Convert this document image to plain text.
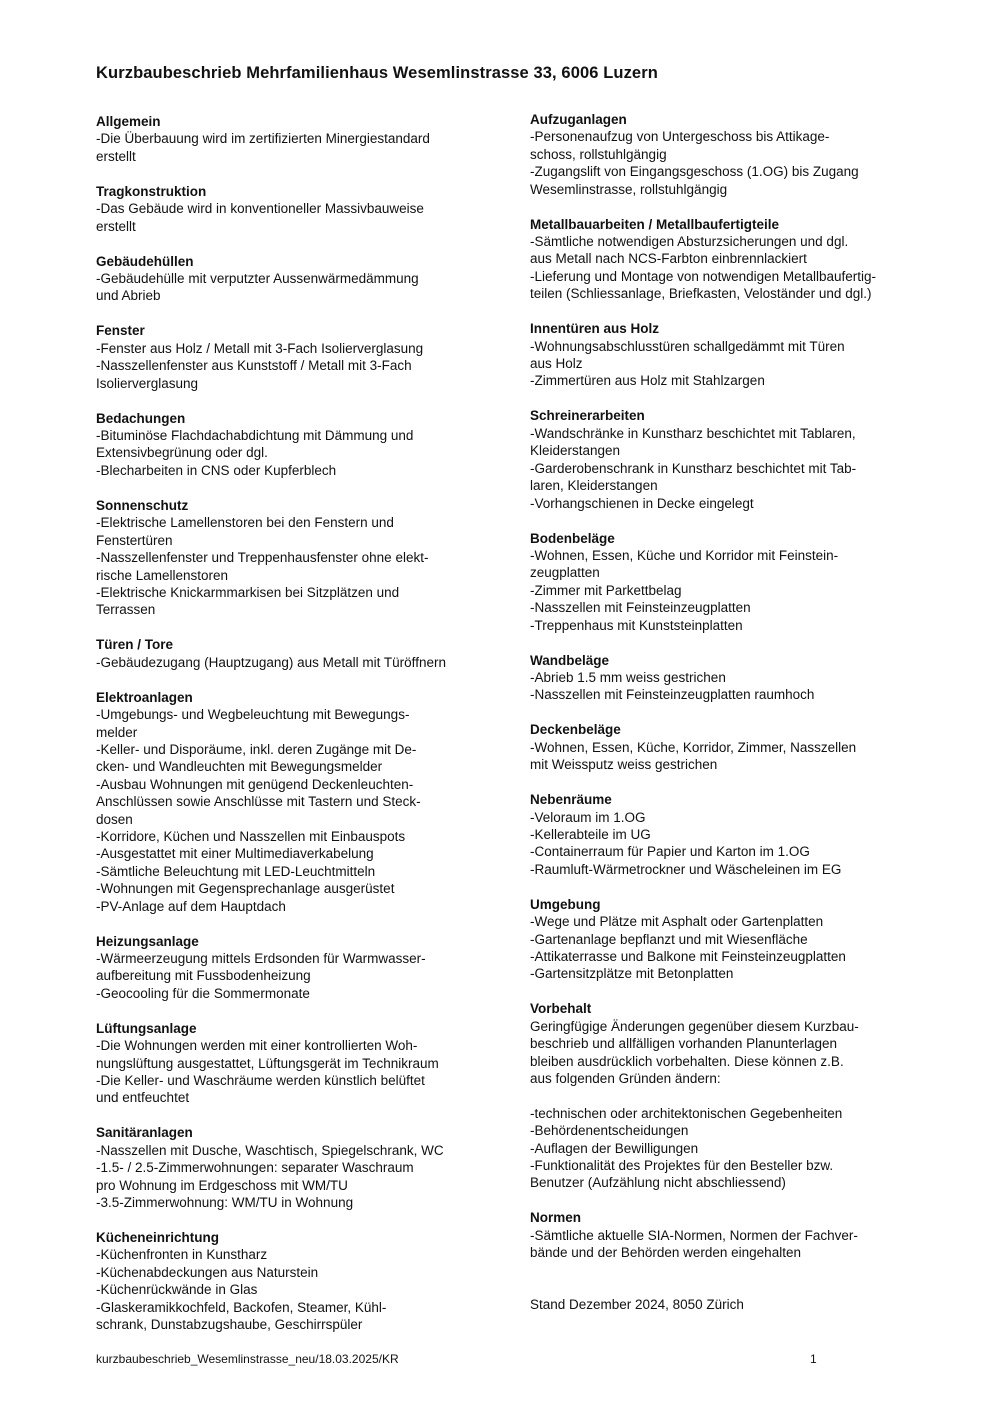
Kurzbaubeschrieb Mehrfamilienhaus Wesemlinstrasse 33, 6006 Luzern
Allgemein
-Die Überbauung wird im zertifizierten Minergiestandard
erstellt
Tragkonstruktion
-Das Gebäude wird in konventioneller Massivbauweise
erstellt
Gebäudehüllen
-Gebäudehülle mit verputzter Aussenwärmedämmung
und Abrieb
Fenster
-Fenster aus Holz / Metall mit 3-Fach Isolierverglasung
-Nasszellenfenster aus Kunststoff / Metall mit 3-Fach
Isolierverglasung
Bedachungen
-Bituminöse Flachdachabdichtung mit Dämmung und
Extensivbegrünung oder dgl.
-Blecharbeiten in CNS oder Kupferblech
Sonnenschutz
-Elektrische Lamellenstoren bei den Fenstern und
Fenstertüren
-Nasszellenfenster und Treppenhausfenster ohne elekt-
rische Lamellenstoren
-Elektrische Knickarmmarkisen bei Sitzplätzen und
Terrassen
Türen / Tore
-Gebäudezugang (Hauptzugang) aus Metall mit Türöffnern
Elektroanlagen
-Umgebungs- und Wegbeleuchtung mit Bewegungs-
melder
-Keller- und Disporäume, inkl. deren Zugänge mit De-
cken- und Wandleuchten mit Bewegungsmelder
-Ausbau Wohnungen mit genügend Deckenleuchten-
Anschlüssen sowie Anschlüsse mit Tastern und Steck-
dosen
-Korridore, Küchen und Nasszellen mit Einbauspots
-Ausgestattet mit einer Multimediaverkabelung
-Sämtliche Beleuchtung mit LED-Leuchtmitteln
-Wohnungen mit Gegensprechanlage ausgerüstet
-PV-Anlage auf dem Hauptdach
Heizungsanlage
-Wärmeerzeugung mittels Erdsonden für Warmwasser-
aufbereitung mit Fussbodenheizung
-Geocooling für die Sommermonate
Lüftungsanlage
-Die Wohnungen werden mit einer kontrollierten Woh-
nungslüftung ausgestattet, Lüftungsgerät im Technikraum
-Die Keller- und Waschräume werden künstlich belüftet
und entfeuchtet
Sanitäranlagen
-Nasszellen mit Dusche, Waschtisch, Spiegelschrank, WC
-1.5- / 2.5-Zimmerwohnungen: separater Waschraum
pro Wohnung im Erdgeschoss mit WM/TU
-3.5-Zimmerwohnung: WM/TU in Wohnung
Kücheneinrichtung
-Küchenfronten in Kunstharz
-Küchenabdeckungen aus Naturstein
-Küchenrückwände in Glas
-Glaskeramikkochfeld, Backofen, Steamer, Kühl-
schrank, Dunstabzugshaube, Geschirrspüler
Aufzuganlagen
-Personenaufzug von Untergeschoss bis Attikage-
schoss, rollstuhlgängig
-Zugangslift von Eingangsgeschoss (1.OG) bis Zugang
Wesemlinstrasse, rollstuhlgängig
Metallbauarbeiten / Metallbaufertigteile
-Sämtliche notwendigen Absturzsicherungen und dgl.
aus Metall nach NCS-Farbton einbrennlackiert
-Lieferung und Montage von notwendigen Metallbaufertig-
teilen (Schliessanlage, Briefkasten, Veloständer und dgl.)
Innentüren aus Holz
-Wohnungsabschlusstüren schallgedämmt mit Türen
aus Holz
-Zimmertüren aus Holz mit Stahlzargen
Schreinerarbeiten
-Wandschränke in Kunstharz beschichtet mit Tablaren,
Kleiderstangen
-Garderobenschrank in Kunstharz beschichtet mit Tab-
laren, Kleiderstangen
-Vorhangschienen in Decke eingelegt
Bodenbeläge
-Wohnen, Essen, Küche und Korridor mit Feinstein-
zeugplatten
-Zimmer mit Parkettbelag
-Nasszellen mit Feinsteinzeugplatten
-Treppenhaus mit Kunststeinplatten
Wandbeläge
-Abrieb 1.5 mm weiss gestrichen
-Nasszellen mit Feinsteinzeugplatten raumhoch
Deckenbeläge
-Wohnen, Essen, Küche, Korridor, Zimmer, Nasszellen
mit Weissputz weiss gestrichen
Nebenräume
-Veloraum im 1.OG
-Kellerabteile im UG
-Containerraum für Papier und Karton im 1.OG
-Raumluft-Wärmetrockner und Wäscheleinen im EG
Umgebung
-Wege und Plätze mit Asphalt oder Gartenplatten
-Gartenanlage bepflanzt und mit Wiesenfläche
-Attikaterrasse und Balkone mit Feinsteinzeugplatten
-Gartensitzplätze mit Betonplatten
Vorbehalt
Geringfügige Änderungen gegenüber diesem Kurzbau-
beschrieb und allfälligen vorhanden Planunterlagen
bleiben ausdrücklich vorbehalten. Diese können z.B.
aus folgenden Gründen ändern:
-technischen oder architektonischen Gegebenheiten
-Behördenentscheidungen
-Auflagen der Bewilligungen
-Funktionalität des Projektes für den Besteller bzw.
Benutzer (Aufzählung nicht abschliessend)
Normen
-Sämtliche aktuelle SIA-Normen, Normen der Fachver-
bände und der Behörden werden eingehalten
Stand Dezember 2024, 8050 Zürich
kurzbaubeschrieb_Wesemlinstrasse_neu/18.03.2025/KR	1
